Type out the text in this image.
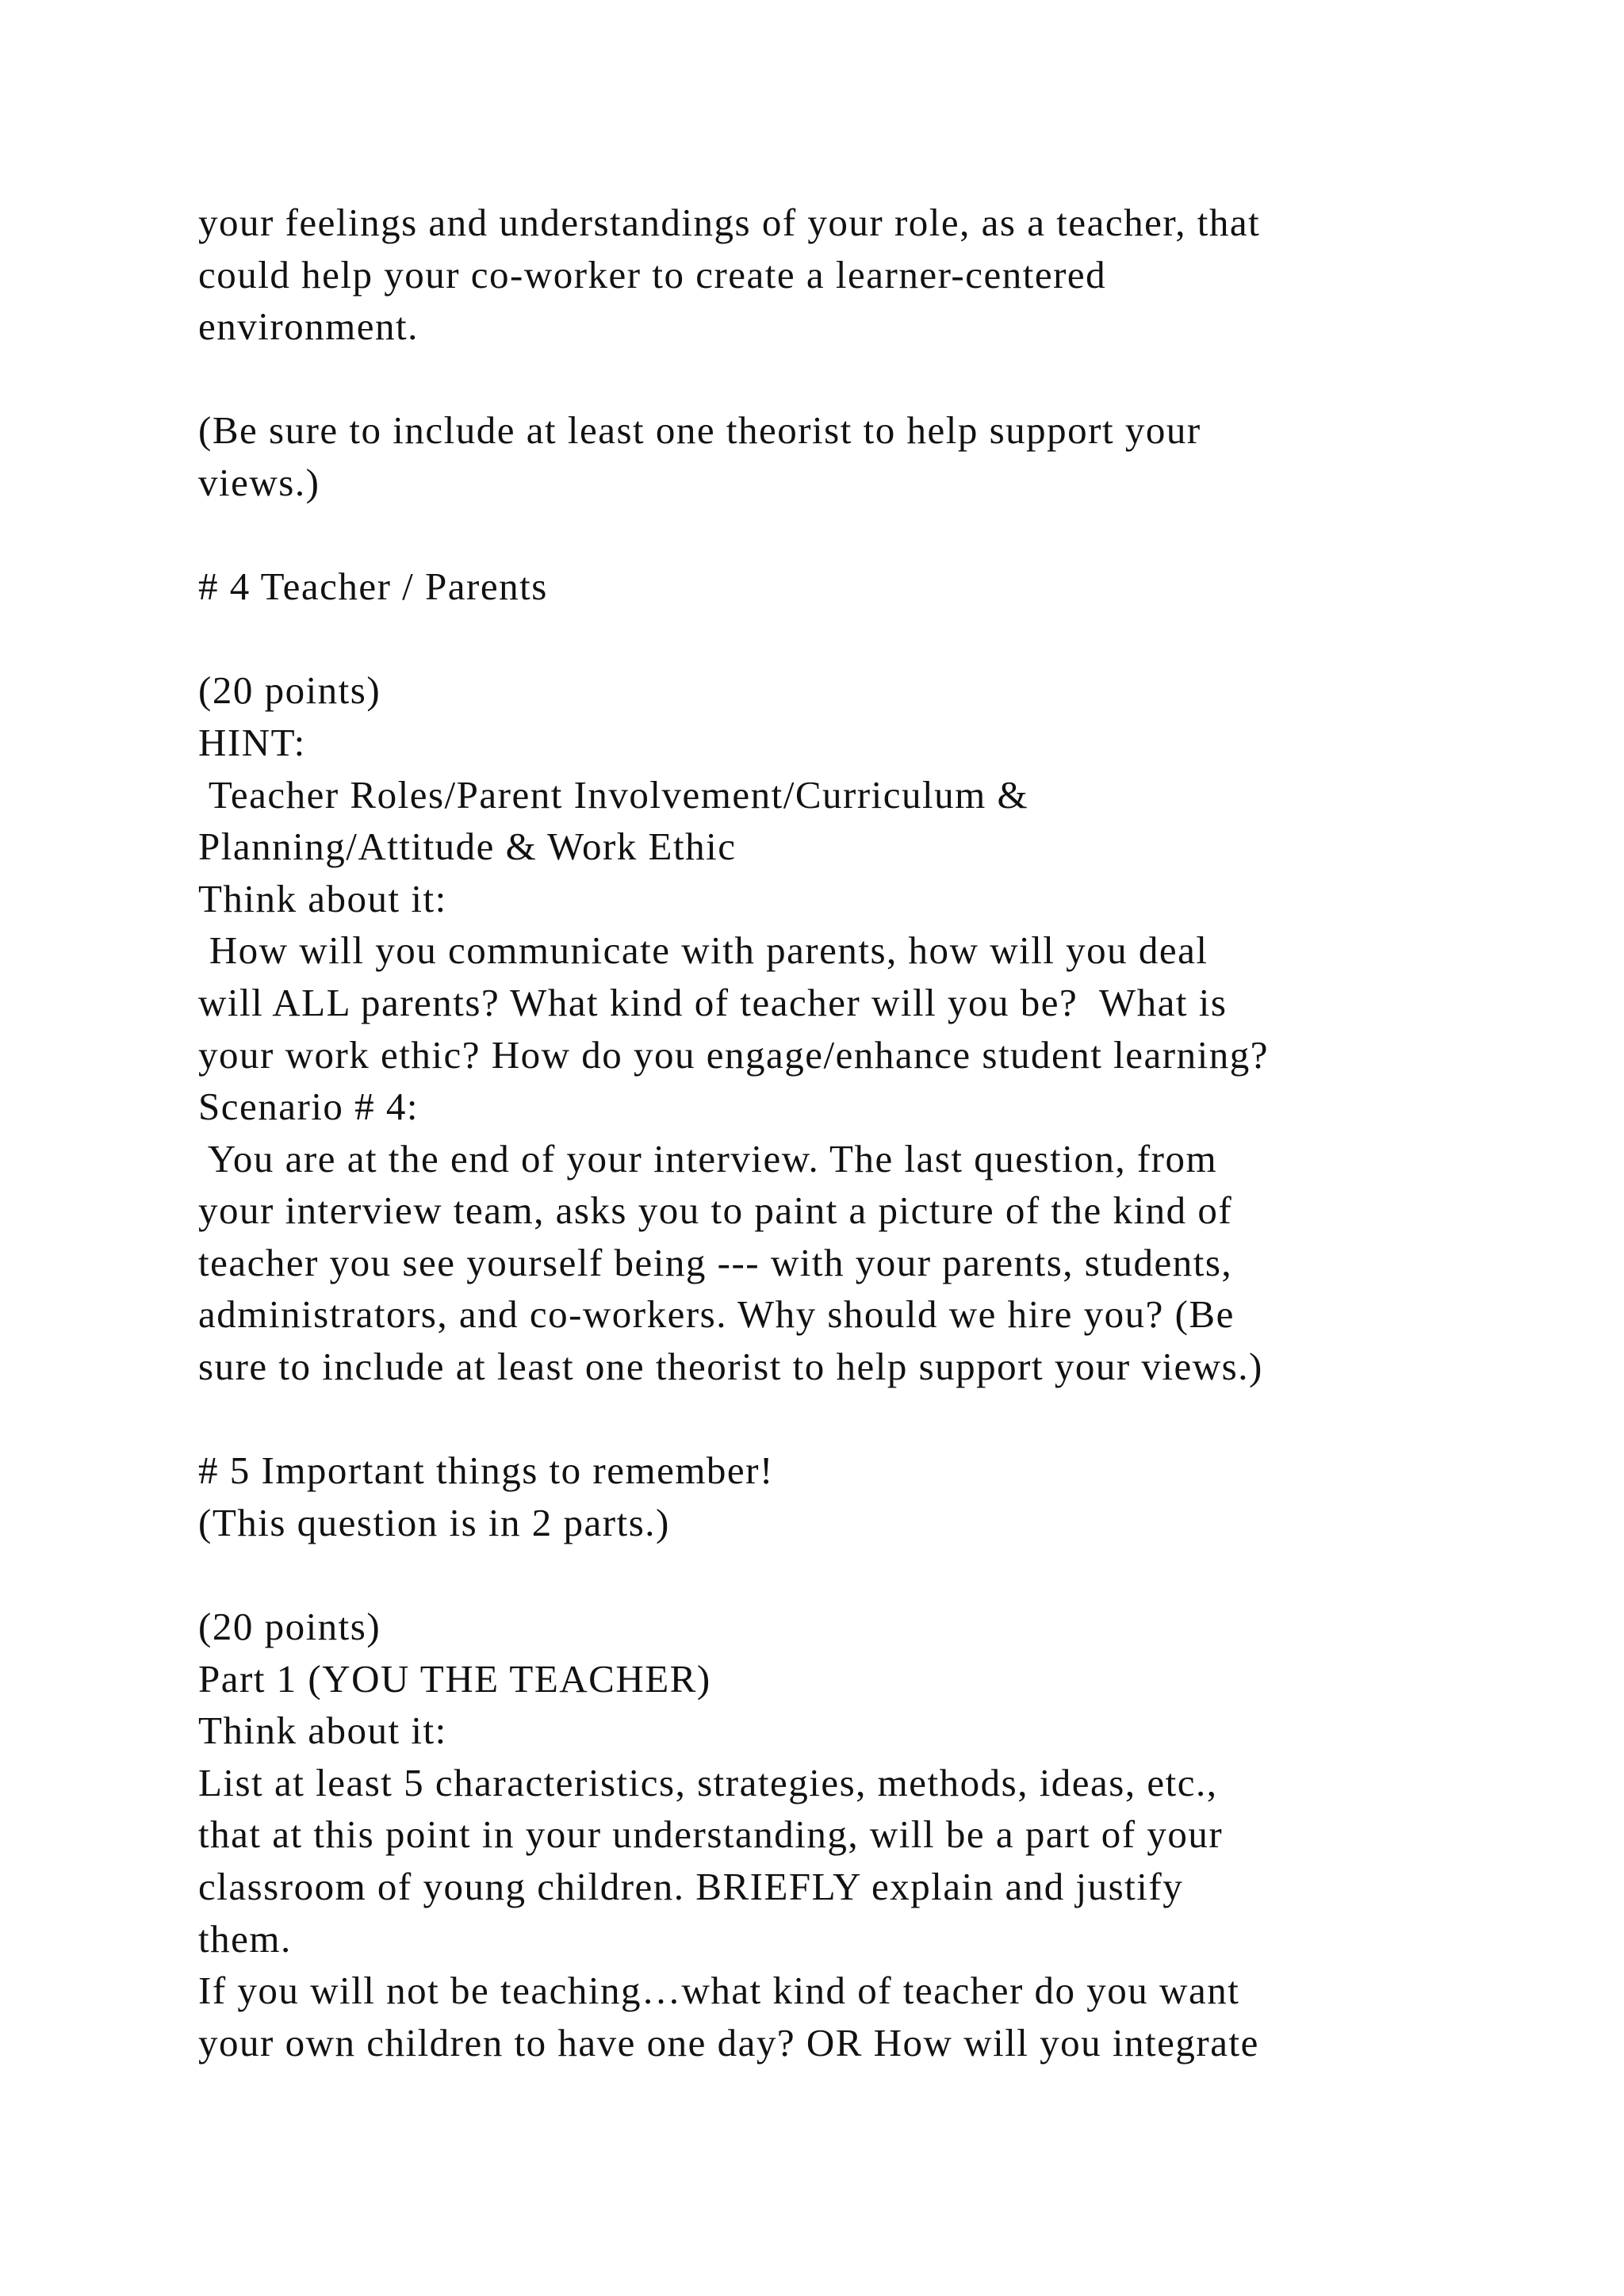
your feelings and understandings of your role, as a teacher, that
could help your co-worker to create a learner-centered
environment.
(Be sure to include at least one theorist to help support your
views.)
# 4 Teacher / Parents
(20 points)
HINT:
Teacher Roles/Parent Involvement/Curriculum &
Planning/Attitude & Work Ethic
Think about it:
How will you communicate with parents, how will you deal
will ALL parents? What kind of teacher will you be?  What is
your work ethic? How do you engage/enhance student learning?
Scenario # 4:
You are at the end of your interview. The last question, from
your interview team, asks you to paint a picture of the kind of
teacher you see yourself being --- with your parents, students,
administrators, and co-workers. Why should we hire you? (Be
sure to include at least one theorist to help support your views.)
# 5 Important things to remember!
(This question is in 2 parts.)
(20 points)
Part 1 (YOU THE TEACHER)
Think about it:
List at least 5 characteristics, strategies, methods, ideas, etc.,
that at this point in your understanding, will be a part of your
classroom of young children. BRIEFLY explain and justify
them.
If you will not be teaching…what kind of teacher do you want
your own children to have one day? OR How will you integrate
